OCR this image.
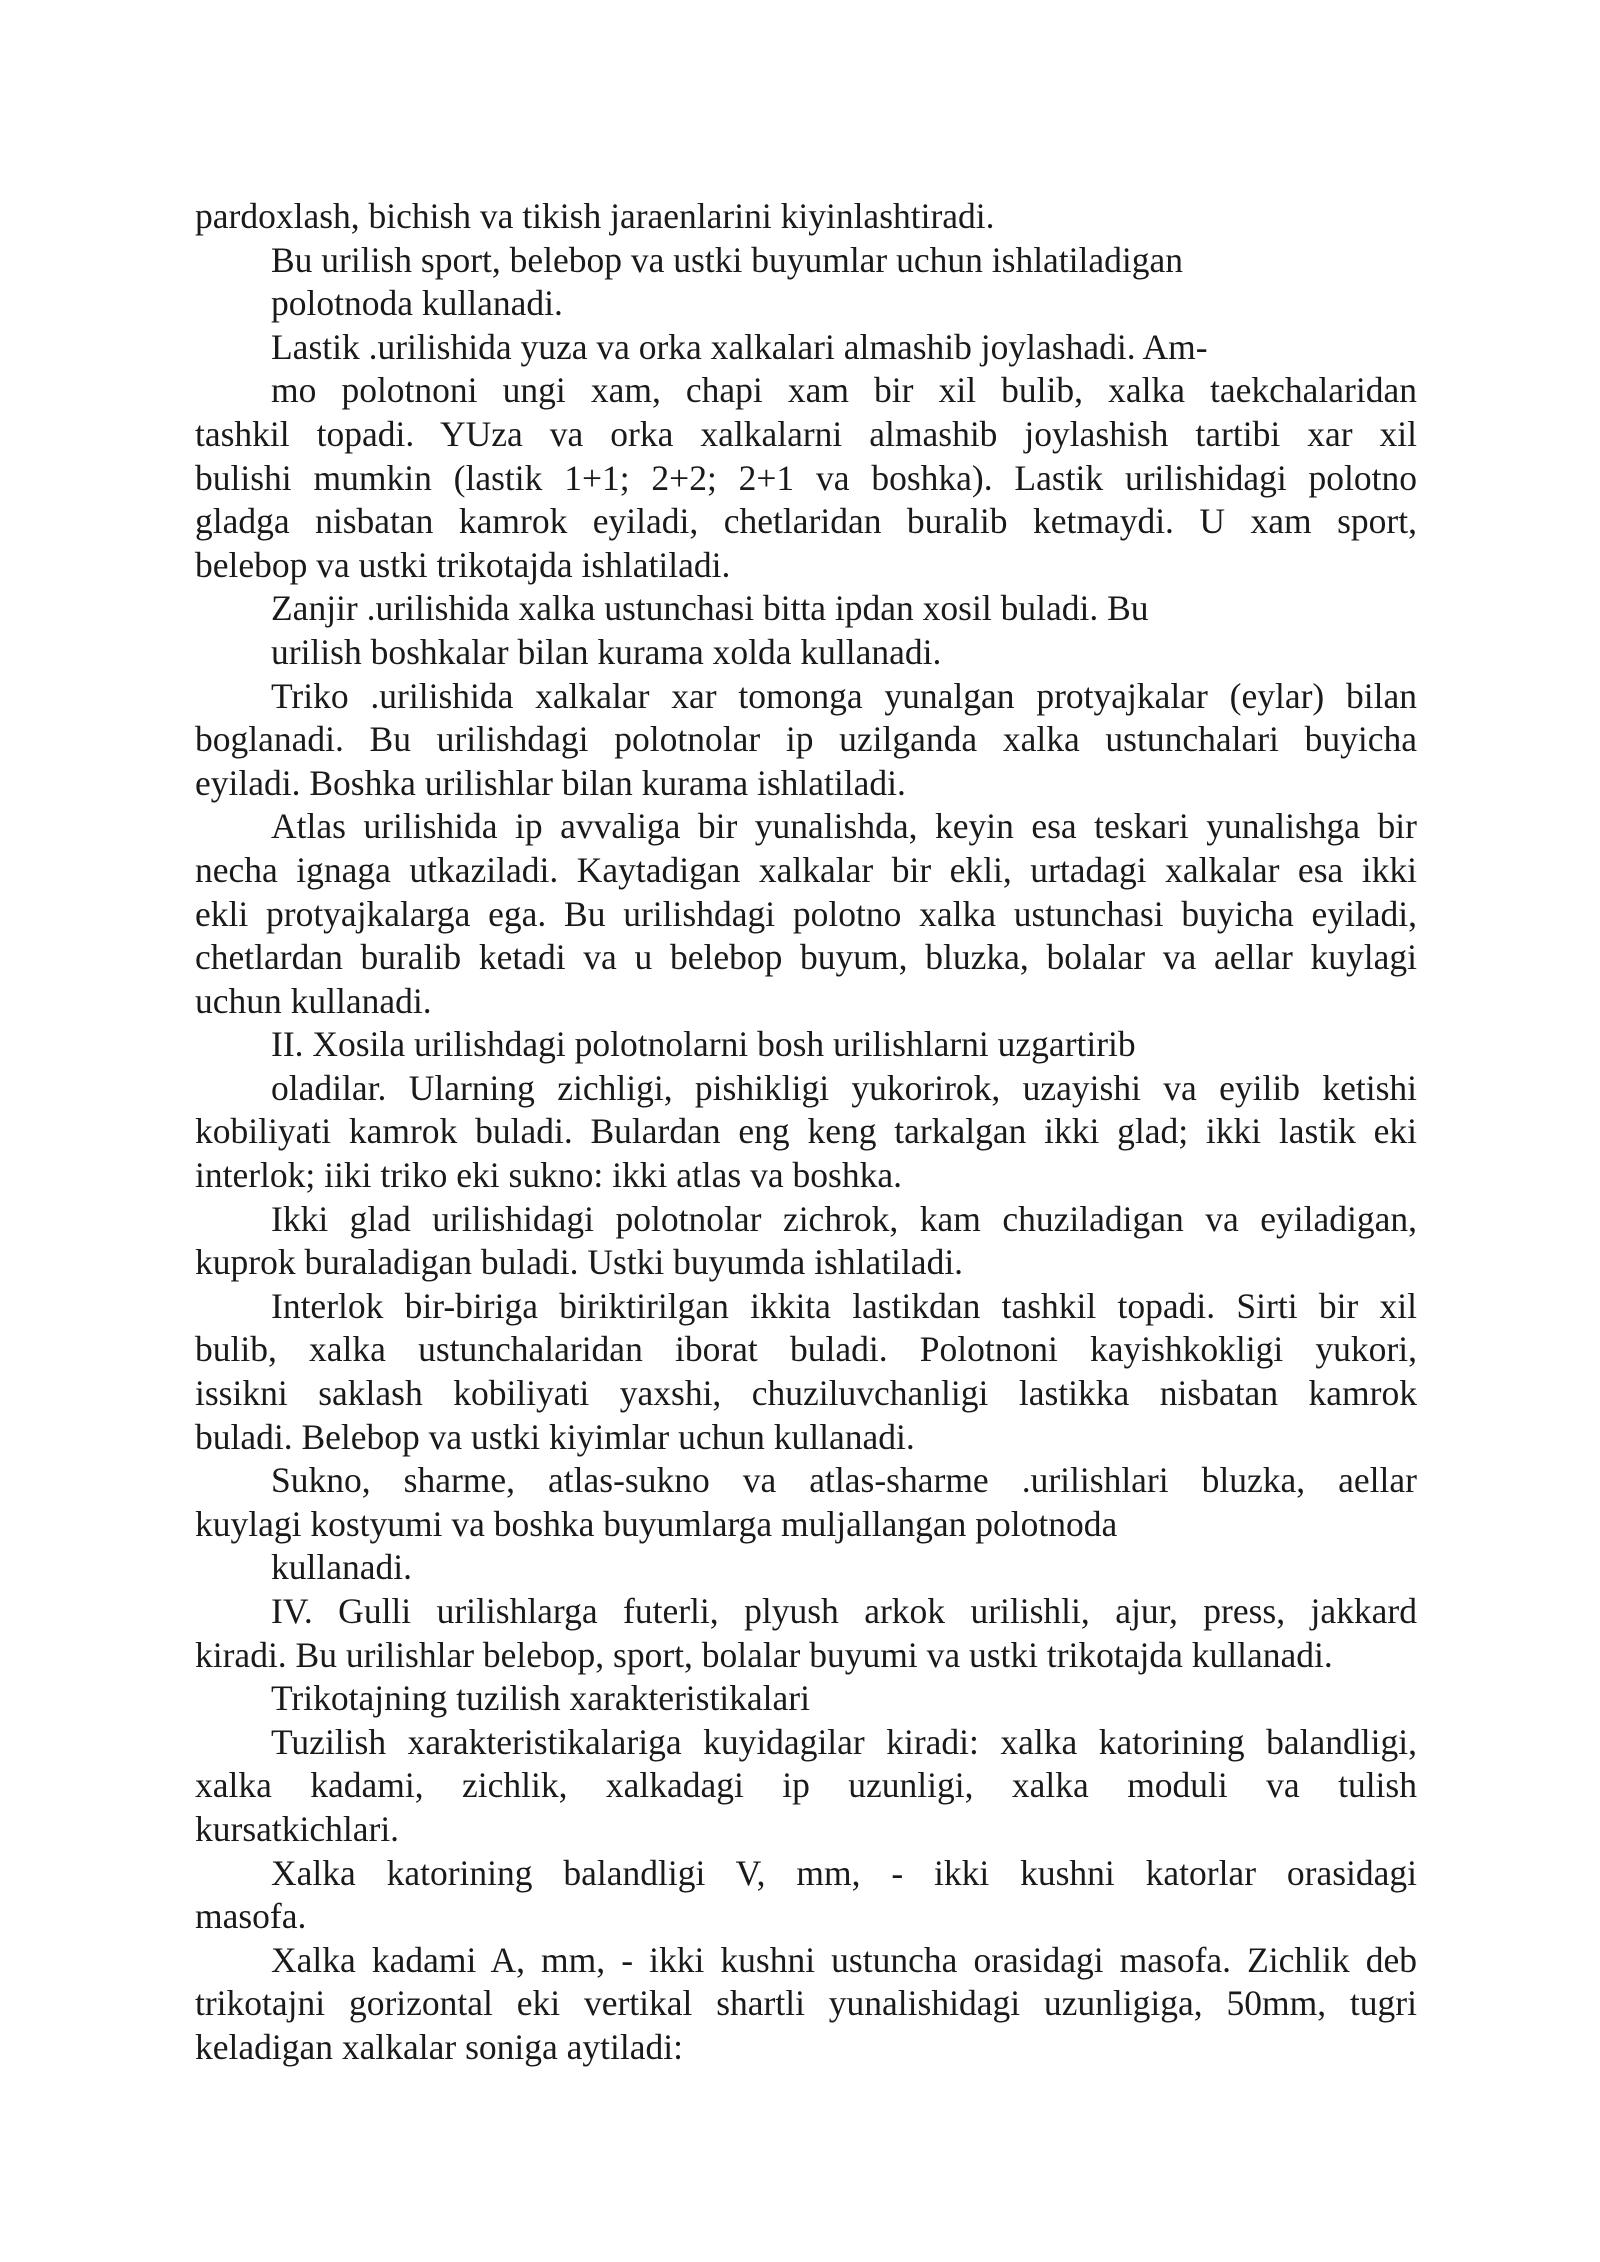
pardoxlash, bichish va tikish jaraenlarini kiyinlashtiradi.
Bu urilish sport, belebop va ustki buyumlar uchun ishlatiladigan
polotnoda kullanadi.
Lastik .urilishida yuza va orka xalkalari almashib joylashadi. Am-
mo polotnoni ungi xam, chapi xam bir xil bulib, xalka taekchalaridan
tashkil topadi. YUza va orka xalkalarni almashib joylashish tartibi xar xil
bulishi mumkin (lastik 1+1; 2+2; 2+1 va boshka). Lastik urilishidagi polotno
gladga nisbatan kamrok eyiladi, chetlaridan buralib ketmaydi. U xam sport,
belebop va ustki trikotajda ishlatiladi.
Zanjir .urilishida xalka ustunchasi bitta ipdan xosil buladi. Bu
urilish boshkalar bilan kurama xolda kullanadi.
Triko .urilishida xalkalar xar tomonga yunalgan protyajkalar (eylar) bilan
boglanadi. Bu urilishdagi polotnolar ip uzilganda xalka ustunchalari buyicha
eyiladi. Boshka urilishlar bilan kurama ishlatiladi.
Atlas urilishida ip avvaliga bir yunalishda, keyin esa teskari yunalishga bir
necha ignaga utkaziladi. Kaytadigan xalkalar bir ekli, urtadagi xalkalar esa ikki
ekli protyajkalarga ega. Bu urilishdagi polotno xalka ustunchasi buyicha eyiladi,
chetlardan buralib ketadi va u belebop buyum, bluzka, bolalar va aellar kuylagi
uchun kullanadi.
II. Xosila urilishdagi polotnolarni bosh urilishlarni uzgartirib
oladilar. Ularning zichligi, pishikligi yukorirok, uzayishi va eyilib ketishi
kobiliyati kamrok buladi. Bulardan eng keng tarkalgan ikki glad; ikki lastik eki
interlok; iiki triko eki sukno: ikki atlas va boshka.
Ikki glad urilishidagi polotnolar zichrok, kam chuziladigan va eyiladigan,
kuprok buraladigan buladi. Ustki buyumda ishlatiladi.
Interlok bir-biriga biriktirilgan ikkita lastikdan tashkil topadi. Sirti bir xil
bulib, xalka ustunchalaridan iborat buladi. Polotnoni kayishkokligi yukori,
issikni saklash kobiliyati yaxshi, chuziluvchanligi lastikka nisbatan kamrok
buladi. Belebop va ustki kiyimlar uchun kullanadi.
Sukno, sharme, atlas-sukno va atlas-sharme .urilishlari bluzka, aellar
kuylagi kostyumi va boshka buyumlarga muljallangan polotnoda
kullanadi.
IV. Gulli urilishlarga futerli, plyush arkok urilishli, ajur, press, jakkard
kiradi. Bu urilishlar belebop, sport, bolalar buyumi va ustki trikotajda kullanadi.
Trikotajning tuzilish xarakteristikalari
Tuzilish xarakteristikalariga kuyidagilar kiradi: xalka katorining balandligi,
xalka kadami, zichlik, xalkadagi ip uzunligi, xalka moduli va tulish
kursatkichlari.
Xalka katorining balandligi V, mm, - ikki kushni katorlar orasidagi
masofa.
Xalka kadami A, mm, - ikki kushni ustuncha orasidagi masofa. Zichlik deb
trikotajni gorizontal eki vertikal shartli yunalishidagi uzunligiga, 50mm, tugri
keladigan xalkalar soniga aytiladi:
